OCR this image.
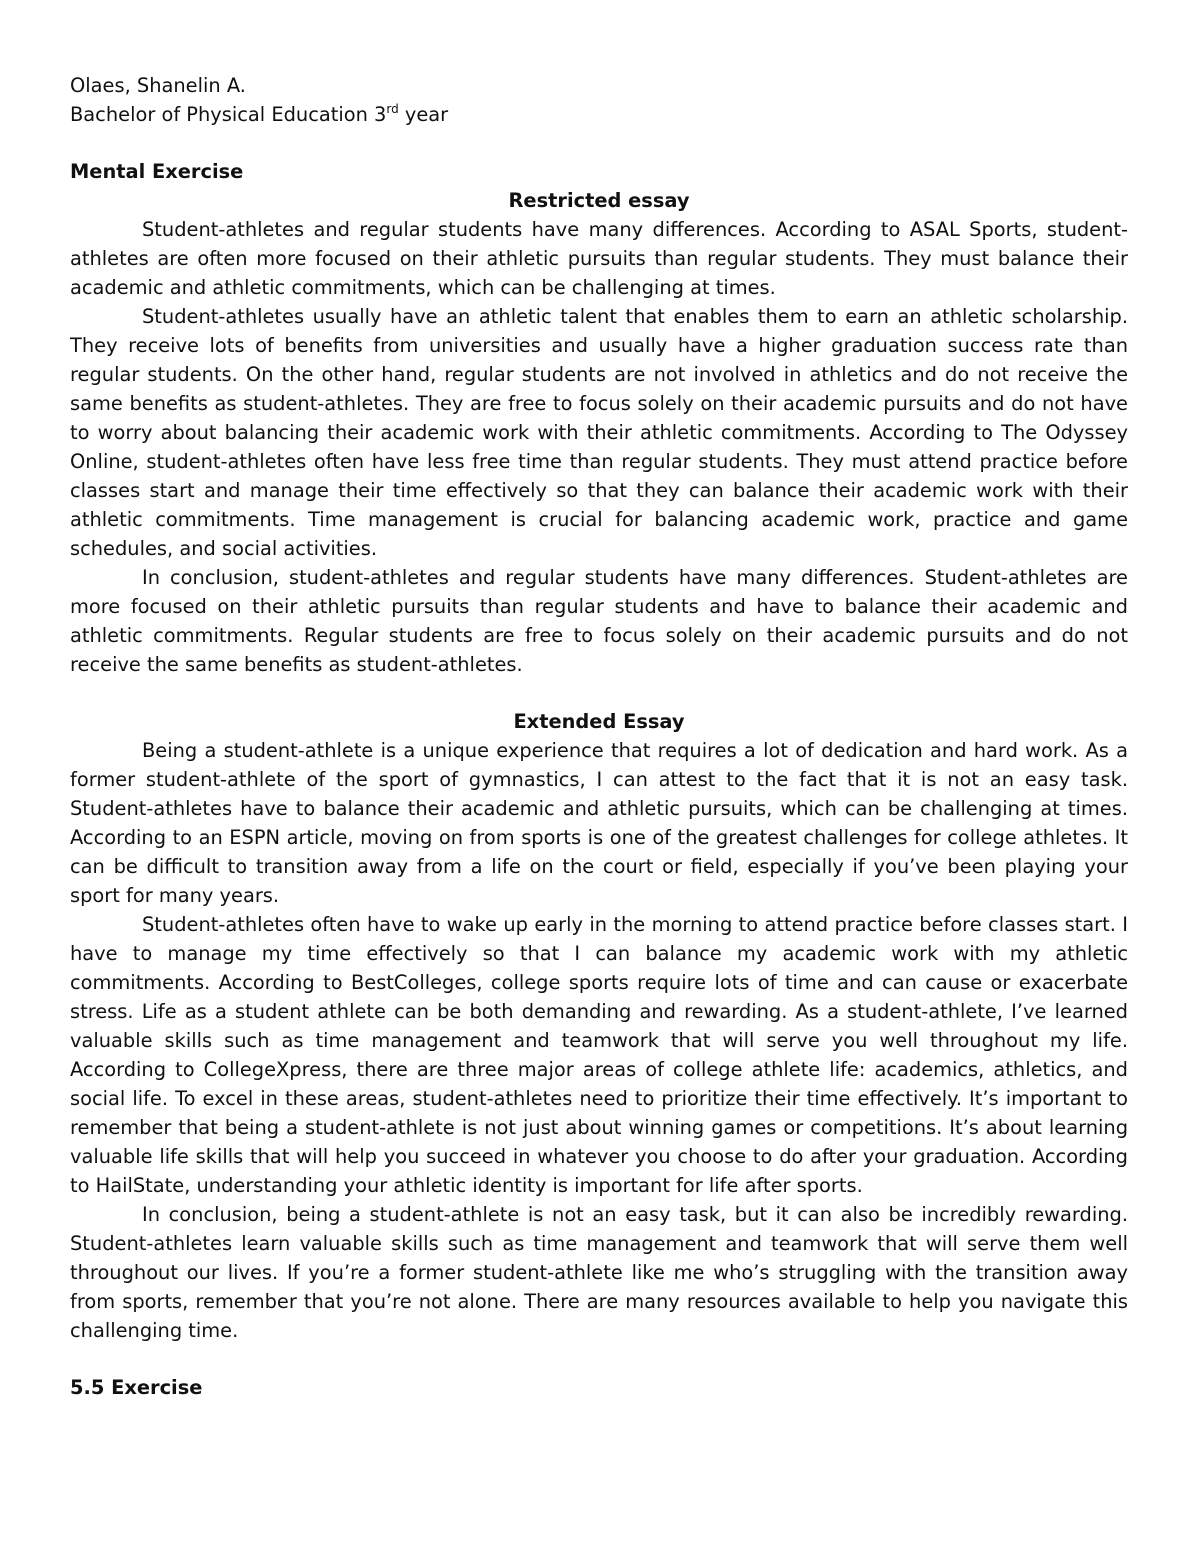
Olaes, Shanelin A.
Bachelor of Physical Education 3rd year
Mental Exercise
Restricted essay

Student-athletes and regular students have many differences. According to ASAL Sports, student-athletes are often more focused on their athletic pursuits than regular students. They must balance their academic and athletic commitments, which can be challenging at times.

Student-athletes usually have an athletic talent that enables them to earn an athletic scholarship. They receive lots of benefits from universities and usually have a higher graduation success rate than regular students. On the other hand, regular students are not involved in athletics and do not receive the same benefits as student-athletes. They are free to focus solely on their academic pursuits and do not have to worry about balancing their academic work with their athletic commitments. According to The Odyssey Online, student-athletes often have less free time than regular students. They must attend practice before classes start and manage their time effectively so that they can balance their academic work with their athletic commitments. Time management is crucial for balancing academic work, practice and game schedules, and social activities.

In conclusion, student-athletes and regular students have many differences. Student-athletes are more focused on their athletic pursuits than regular students and have to balance their academic and athletic commitments. Regular students are free to focus solely on their academic pursuits and do not receive the same benefits as student-athletes.

Extended Essay

Being a student-athlete is a unique experience that requires a lot of dedication and hard work. As a former student-athlete of the sport of gymnastics, I can attest to the fact that it is not an easy task. Student-athletes have to balance their academic and athletic pursuits, which can be challenging at times. According to an ESPN article, moving on from sports is one of the greatest challenges for college athletes. It can be difficult to transition away from a life on the court or field, especially if you’ve been playing your sport for many years.

Student-athletes often have to wake up early in the morning to attend practice before classes start. I have to manage my time effectively so that I can balance my academic work with my athletic commitments. According to BestColleges, college sports require lots of time and can cause or exacerbate stress. Life as a student athlete can be both demanding and rewarding. As a student-athlete, I’ve learned valuable skills such as time management and teamwork that will serve you well throughout my life. According to CollegeXpress, there are three major areas of college athlete life: academics, athletics, and social life. To excel in these areas, student-athletes need to prioritize their time effectively. It’s important to remember that being a student-athlete is not just about winning games or competitions. It’s about learning valuable life skills that will help you succeed in whatever you choose to do after your graduation. According to HailState, understanding your athletic identity is important for life after sports.

In conclusion, being a student-athlete is not an easy task, but it can also be incredibly rewarding. Student-athletes learn valuable skills such as time management and teamwork that will serve them well throughout our lives. If you’re a former student-athlete like me who’s struggling with the transition away from sports, remember that you’re not alone. There are many resources available to help you navigate this challenging time.

5.5 Exercise
